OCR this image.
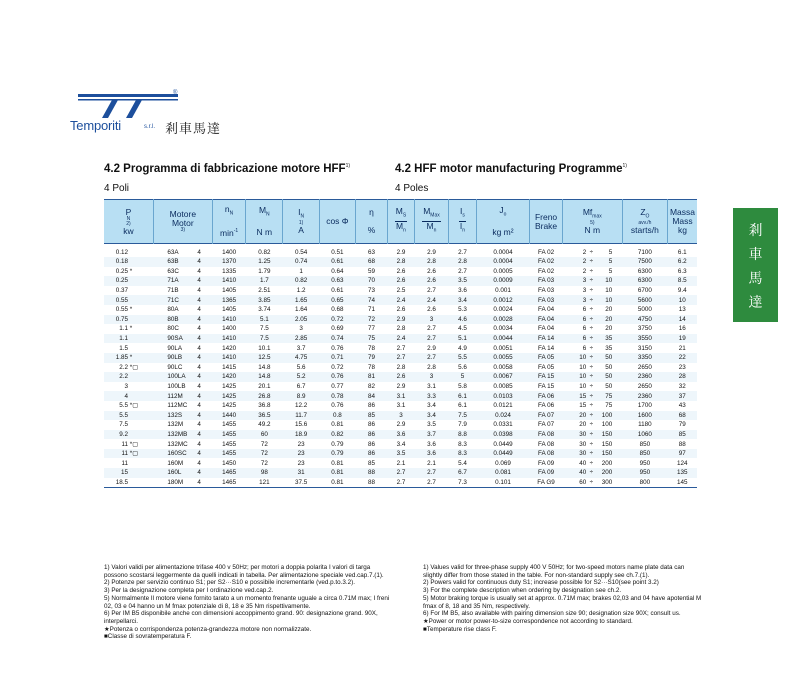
®
Temporiti	s.r.l. 剎車馬達
剎
車
馬
達
4.2 Programma di fabbricazione motore HFF$^{1)}$	4.2 HFF motor manufacturing Programme$^{1)}$
4 Poli	4 Poles
P
N
2)
kw	Motore
Motor
3)	$n_N$

$\min^{-1}$	$M_N$

N m	$I_N$
1)
A	cos Φ	η

%	$\frac{M_S}{M_n}$	$\frac{M_{Max}}{M_n}$	$\frac{I_s}{I_n}$	$J_o$

kg m²	Freno
Brake	$Mf_{max}$
5)
N m	$Z_O$
avv./h
starts/h	Massa
Mass
kg
0.12	63A 4	1400	0.82	0.54	0.51	63	2.9	2.9	2.7	0.0004	FA 02	2 ÷ 5	7100	6.1
0.18	63B 4	1370	1.25	0.74	0.61	68	2.8	2.8	2.8	0.0004	FA 02	2 ÷ 5	7500	6.2
0.25 *	63C 4	1335	1.79	1	0.64	59	2.6	2.6	2.7	0.0005	FA 02	2 ÷ 5	6300	6.3
0.25	71A 4	1410	1.7	0.82	0.63	70	2.6	2.6	3.5	0.0009	FA 03	3 ÷ 10	6300	8.5
0.37	71B 4	1405	2.51	1.2	0.61	73	2.5	2.7	3.6	0.001	FA 03	3 ÷ 10	6700	9.4
0.55	71C 4	1365	3.85	1.65	0.65	74	2.4	2.4	3.4	0.0012	FA 03	3 ÷ 10	5600	10
0.55 *	80A 4	1405	3.74	1.64	0.68	71	2.6	2.6	5.3	0.0024	FA 04	6 ÷ 20	5000	13
0.75	80B 4	1410	5.1	2.05	0.72	72	2.9	3	4.6	0.0028	FA 04	6 ÷ 20	4750	14
1.1 *	80C 4	1400	7.5	3	0.69	77	2.8	2.7	4.5	0.0034	FA 04	6 ÷ 20	3750	16
1.1	90SA 4	1410	7.5	2.85	0.74	75	2.4	2.7	5.1	0.0044	FA 14	6 ÷ 35	3550	19
1.5	90LA 4	1420	10.1	3.7	0.76	78	2.7	2.9	4.9	0.0051	FA 14	6 ÷ 35	3150	21
1.85 *	90LB 4	1410	12.5	4.75	0.71	79	2.7	2.7	5.5	0.0055	FA 05	10 ÷ 50	3350	22
2.2 *▢	90LC 4	1415	14.8	5.6	0.72	78	2.8	2.8	5.6	0.0058	FA 05	10 ÷ 50	2650	23
2.2	100LA 4	1420	14.8	5.2	0.76	81	2.6	3	5	0.0067	FA 15	10 ÷ 50	2360	28
3	100LB 4	1425	20.1	6.7	0.77	82	2.9	3.1	5.8	0.0085	FA 15	10 ÷ 50	2650	32
4	112M 4	1425	26.8	8.9	0.78	84	3.1	3.3	6.1	0.0103	FA 06	15 ÷ 75	2360	37
5.5 *▢	112MC 4	1425	36.8	12.2	0.76	86	3.1	3.4	6.1	0.0121	FA 06	15 ÷ 75	1700	43
5.5	132S 4	1440	36.5	11.7	0.8	85	3	3.4	7.5	0.024	FA 07	20 ÷ 100	1600	68
7.5	132M 4	1455	49.2	15.6	0.81	86	2.9	3.5	7.9	0.0331	FA 07	20 ÷ 100	1180	79
9.2	132MB 4	1455	60	18.9	0.82	86	3.6	3.7	8.8	0.0398	FA 08	30 ÷ 150	1060	85
11 *▢	132MC 4	1455	72	23	0.79	86	3.4	3.6	8.3	0.0449	FA 08	30 ÷ 150	850	88
11 *▢	160SC 4	1455	72	23	0.79	86	3.5	3.6	8.3	0.0449	FA 08	30 ÷ 150	850	97
11	160M 4	1450	72	23	0.81	85	2.1	2.1	5.4	0.069	FA 09	40 ÷ 200	950	124
15	160L 4	1465	98	31	0.81	88	2.7	2.7	6.7	0.081	FA 09	40 ÷ 200	950	135
18.5	180M 4	1465	121	37.5	0.81	88	2.7	2.7	7.3	0.101	FA G9	60 ÷ 300	800	145

1) Valori validi per alimentazione trifase 400 v 50Hz; per motori a doppia polarita I valori di targa possono scostarsi leggermente da quelli indicati in tabella. Per alimentazione speciale ved.cap.7.(1).

2) Potenze per servizio continuo S1; per S2···S10 e possibile incrementarle (ved.p.to.3.2).

3) Per la designazione completa per I ordinazione ved.cap.2.

5) Normalmente Il motore viene fornito tarato a un momento frenante uguale a circa 0.71M max; I freni 02, 03 e 04 hanno un M fmax potenziale di 8, 18 e 35 Nm rispettivamente.

6) Per IM B5 disponibile anche con dimensioni accoppimento grand. 90: designazione grand. 90X, interpellarci.

★Potenza o corrispondenza potenza-grandezza motore non normalizzate.

■Classe di sovratemperatura F.

1) Values valid for three-phase supply 400 V 50Hz; for two-speed motors name plate data can slightly differ from those stated in the table. For non-standard supply see ch.7.(1).

2) Powers valid for continuous duty S1; increase possible for S2···S10(see point 3.2)

3) For the complete description when ordering by designation see ch.2.

5) Motor braking torque is usually set at approx. 0.71M max; brakes 02,03 and 04 have apotential M fmax of 8, 18 and 35 Nm, respectively.

6) For IM B5, also available with pairing dimension size 90; designation size 90X; consult us.

★Power or motor power-to-size correspondence not according to standard.

■Temperature rise class F.
